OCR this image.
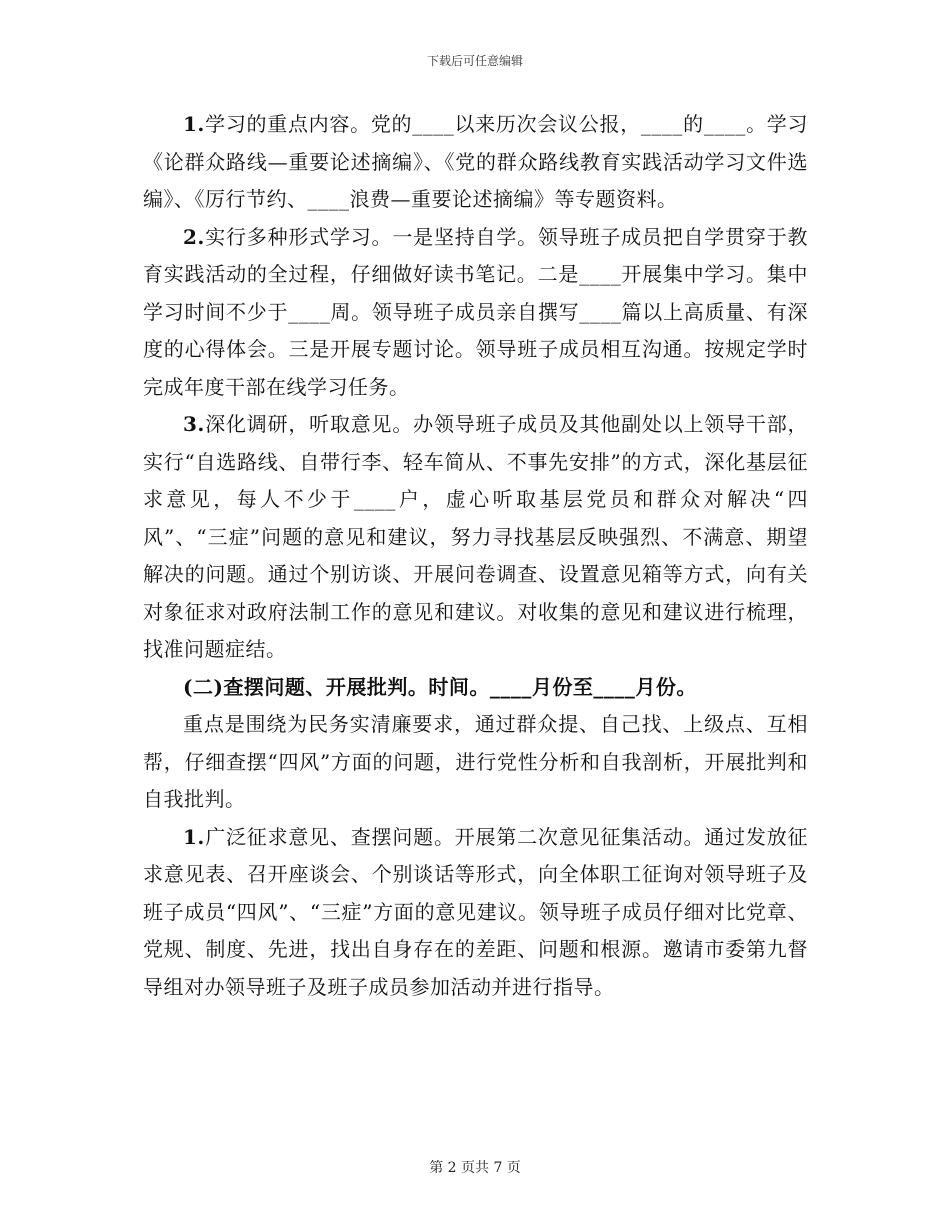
下载后可任意编辑

1.学习的重点内容。党的____以来历次会议公报，____的____。学习《论群众路线—重要论述摘编》、《党的群众路线教育实践活动学习文件选编》、《厉行节约、____浪费—重要论述摘编》等专题资料。

2.实行多种形式学习。一是坚持自学。领导班子成员把自学贯穿于教育实践活动的全过程，仔细做好读书笔记。二是____开展集中学习。集中学习时间不少于____周。领导班子成员亲自撰写____篇以上高质量、有深度的心得体会。三是开展专题讨论。领导班子成员相互沟通。按规定学时完成年度干部在线学习任务。

3.深化调研，听取意见。办领导班子成员及其他副处以上领导干部，实行“自选路线、自带行李、轻车简从、不事先安排”的方式，深化基层征求意见，每人不少于____户，虚心听取基层党员和群众对解决“四风”、“三症”问题的意见和建议，努力寻找基层反映强烈、不满意、期望解决的问题。通过个别访谈、开展问卷调查、设置意见箱等方式，向有关对象征求对政府法制工作的意见和建议。对收集的意见和建议进行梳理，找准问题症结。

(二)查摆问题、开展批判。时间。____月份至____月份。

重点是围绕为民务实清廉要求，通过群众提、自己找、上级点、互相帮，仔细查摆“四风”方面的问题，进行党性分析和自我剖析，开展批判和自我批判。

1.广泛征求意见、查摆问题。开展第二次意见征集活动。通过发放征求意见表、召开座谈会、个别谈话等形式，向全体职工征询对领导班子及班子成员“四风”、“三症”方面的意见建议。领导班子成员仔细对比党章、党规、制度、先进，找出自身存在的差距、问题和根源。邀请市委第九督导组对办领导班子及班子成员参加活动并进行指导。

第 2 页共 7 页
